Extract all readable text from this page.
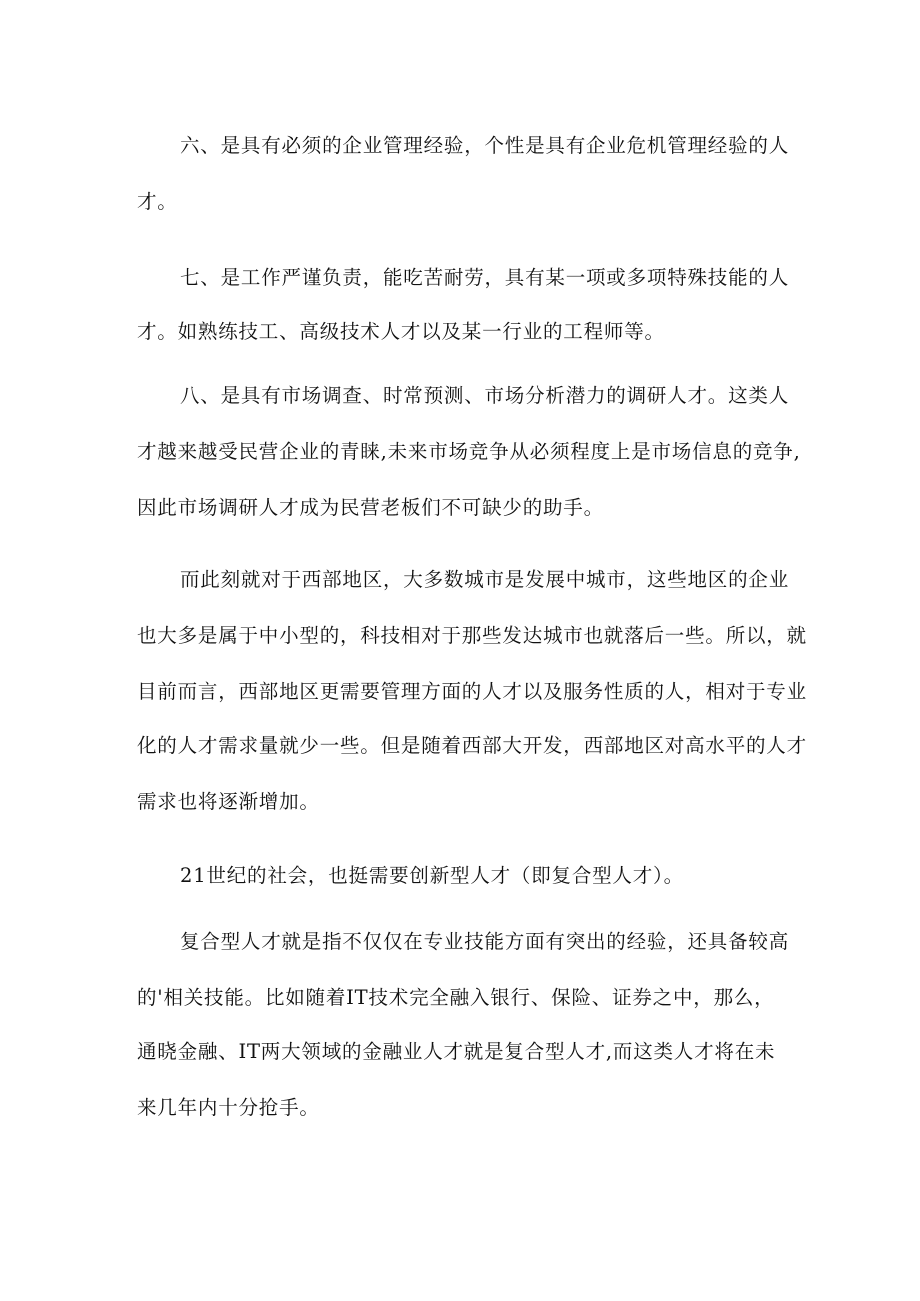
六、是具有必须的企业管理经验，个性是具有企业危机管理经验的人
才。
七、是工作严谨负责，能吃苦耐劳，具有某一项或多项特殊技能的人
才。如熟练技工、高级技术人才以及某一行业的工程师等。
八、是具有市场调查、时常预测、市场分析潜力的调研人才。这类人
才越来越受民营企业的青睐,未来市场竞争从必须程度上是市场信息的竞争,
因此市场调研人才成为民营老板们不可缺少的助手。
而此刻就对于西部地区，大多数城市是发展中城市，这些地区的企业
也大多是属于中小型的，科技相对于那些发达城市也就落后一些。所以，就
目前而言，西部地区更需要管理方面的人才以及服务性质的人，相对于专业
化的人才需求量就少一些。但是随着西部大开发，西部地区对高水平的人才
需求也将逐渐增加。
21世纪的社会，也挺需要创新型人才（即复合型人才）。
复合型人才就是指不仅仅在专业技能方面有突出的经验，还具备较高
的'相关技能。比如随着IT技术完全融入银行、保险、证券之中，那么，
通晓金融、IT两大领域的金融业人才就是复合型人才,而这类人才将在未
来几年内十分抢手。
